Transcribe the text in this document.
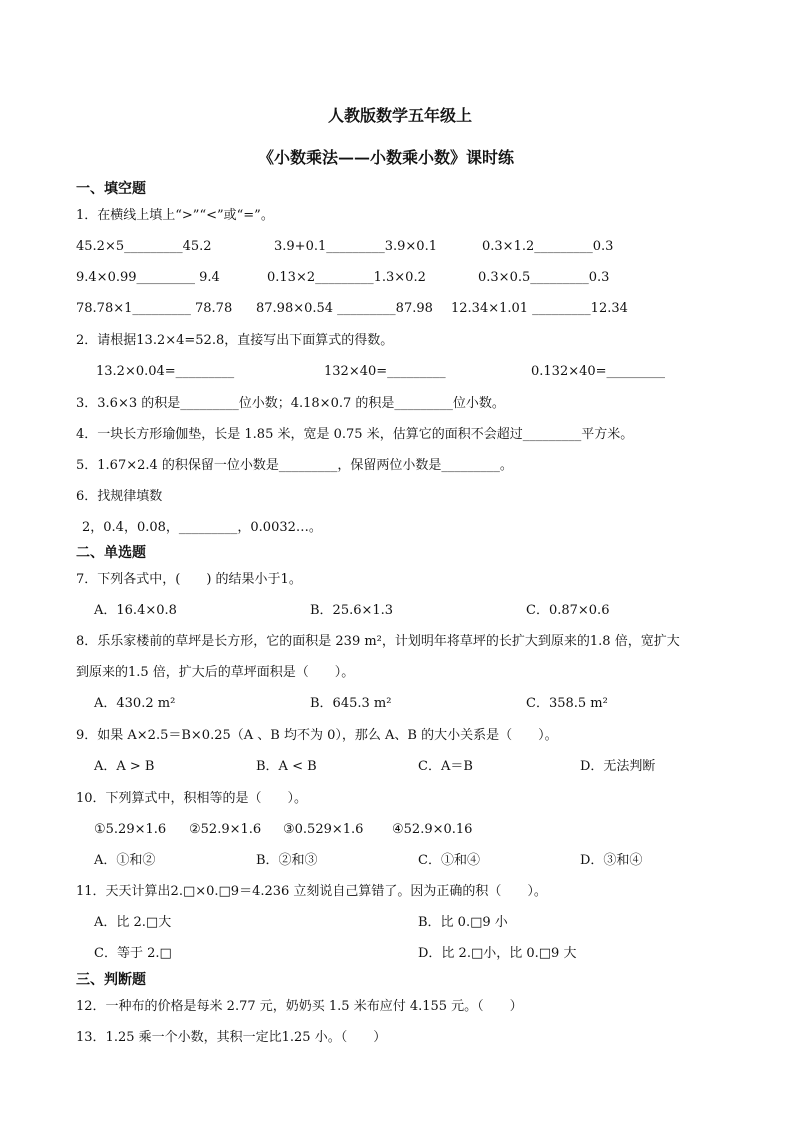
人教版数学五年级上
《小数乘法——小数乘小数》课时练
一、填空题
1．在横线上填上“>”“<”或“=”。
45.2×5_________45.2	3.9+0.1_________3.9×0.1	0.3×1.2_________0.3
9.4×0.99_________ 9.4	0.13×2_________1.3×0.2	0.3×0.5_________0.3
78.78×1_________ 78.78 87.98×0.54 _________87.98 12.34×1.01 _________12.34
2．请根据13.2×4=52.8，直接写出下面算式的得数。
13.2×0.04=_________	132×40=_________	0.132×40=_________
3．3.6×3 的积是_________位小数；4.18×0.7 的积是_________位小数。
4．一块长方形瑜伽垫，长是 1.85 米，宽是 0.75 米，估算它的面积不会超过_________平方米。
5．1.67×2.4 的积保留一位小数是_________，保留两位小数是_________。
6．找规律填数
2，0.4，0.08，_________，0.0032…。
二、单选题
7．下列各式中，(　　) 的结果小于1。
A．16.4×0.8	B．25.6×1.3	C．0.87×0.6
8．乐乐家楼前的草坪是长方形，它的面积是 239 m²，计划明年将草坪的长扩大到原来的1.8 倍，宽扩大
到原来的1.5 倍，扩大后的草坪面积是（　　）。
A．430.2 m²	B．645.3 m²	C．358.5 m²
9．如果 A×2.5＝B×0.25（A 、B 均不为 0），那么 A、B 的大小关系是（　　）。
A．A > B	B．A < B	C．A＝B	D．无法判断
10．下列算式中，积相等的是（　　）。
①5.29×1.6 ②52.9×1.6 ③0.529×1.6 ④52.9×0.16
A．①和②	B．②和③	C．①和④	D．③和④
11．天天计算出2.□×0.□9＝4.236 立刻说自己算错了。因为正确的积（　　）。
A．比 2.□大	B．比 0.□9 小
C．等于 2.□	D．比 2.□小，比 0.□9 大
三、判断题
12．一种布的价格是每米 2.77 元，奶奶买 1.5 米布应付 4.155 元。（　　）
13．1.25 乘一个小数，其积一定比1.25 小。（　　）
